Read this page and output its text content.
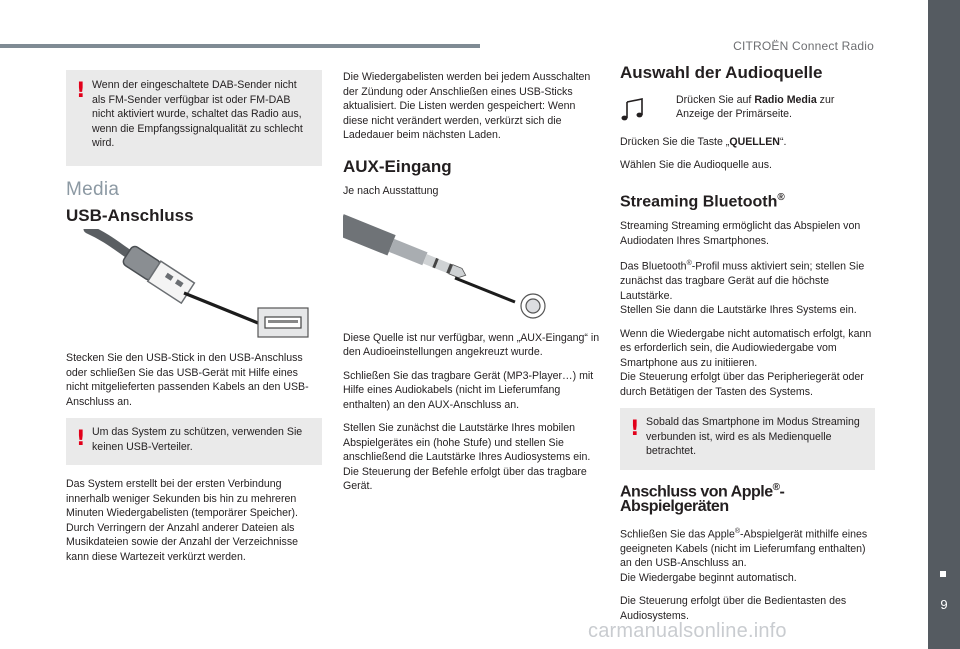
CITROËN Connect Radio
9
! Wenn der eingeschaltete DAB-Sender nicht als FM-Sender verfügbar ist oder FM-DAB nicht aktiviert wurde, schaltet das Radio aus, wenn die Empfangssignalqualität zu schlecht wird.
Media
USB-Anschluss

Stecken Sie den USB-Stick in den USB-Anschluss oder schließen Sie das USB-Gerät mit Hilfe eines nicht mitgelieferten passenden Kabels an den USB-Anschluss an.

! Um das System zu schützen, verwenden Sie keinen USB-Verteiler.

Das System erstellt bei der ersten Verbindung innerhalb weniger Sekunden bis hin zu mehreren Minuten Wiedergabelisten (temporärer Speicher). Durch Verringern der Anzahl anderer Dateien als Musikdateien sowie der Anzahl der Verzeichnisse kann diese Wartezeit verkürzt werden.

Die Wiedergabelisten werden bei jedem Ausschalten der Zündung oder Anschließen eines USB-Sticks aktualisiert. Die Listen werden gespeichert: Wenn diese nicht verändert werden, verkürzt sich die Ladedauer beim nächsten Laden.

AUX-Eingang

Je nach Ausstattung

Diese Quelle ist nur verfügbar, wenn „AUX-Eingang“ in den Audioeinstellungen angekreuzt wurde.

Schließen Sie das tragbare Gerät (MP3-Player…) mit Hilfe eines Audiokabels (nicht im Lieferumfang enthalten) an den AUX-Anschluss an.

Stellen Sie zunächst die Lautstärke Ihres mobilen Abspielgerätes ein (hohe Stufe) und stellen Sie anschließend die Lautstärke Ihres Audiosystems ein.

Die Steuerung der Befehle erfolgt über das tragbare Gerät.

Auswahl der Audioquelle
Drücken Sie auf Radio Media zur Anzeige der Primärseite.

Drücken Sie die Taste „QUELLEN“.

Wählen Sie die Audioquelle aus.

Streaming Bluetooth®

Streaming Streaming ermöglicht das Abspielen von Audiodaten Ihres Smartphones.

Das Bluetooth®-Profil muss aktiviert sein; stellen Sie zunächst das tragbare Gerät auf die höchste Lautstärke.

Stellen Sie dann die Lautstärke Ihres Systems ein.

Wenn die Wiedergabe nicht automatisch erfolgt, kann es erforderlich sein, die Audiowiedergabe vom Smartphone aus zu initiieren.

Die Steuerung erfolgt über das Peripheriegerät oder durch Betätigen der Tasten des Systems.

! Sobald das Smartphone im Modus Streaming verbunden ist, wird es als Medienquelle betrachtet.
Anschluss von Apple®-Abspielgeräten

Schließen Sie das Apple®-Abspielgerät mithilfe eines geeigneten Kabels (nicht im Lieferumfang enthalten) an den USB-Anschluss an.

Die Wiedergabe beginnt automatisch.

Die Steuerung erfolgt über die Bedientasten des Audiosystems.

carmanualsonline.info
